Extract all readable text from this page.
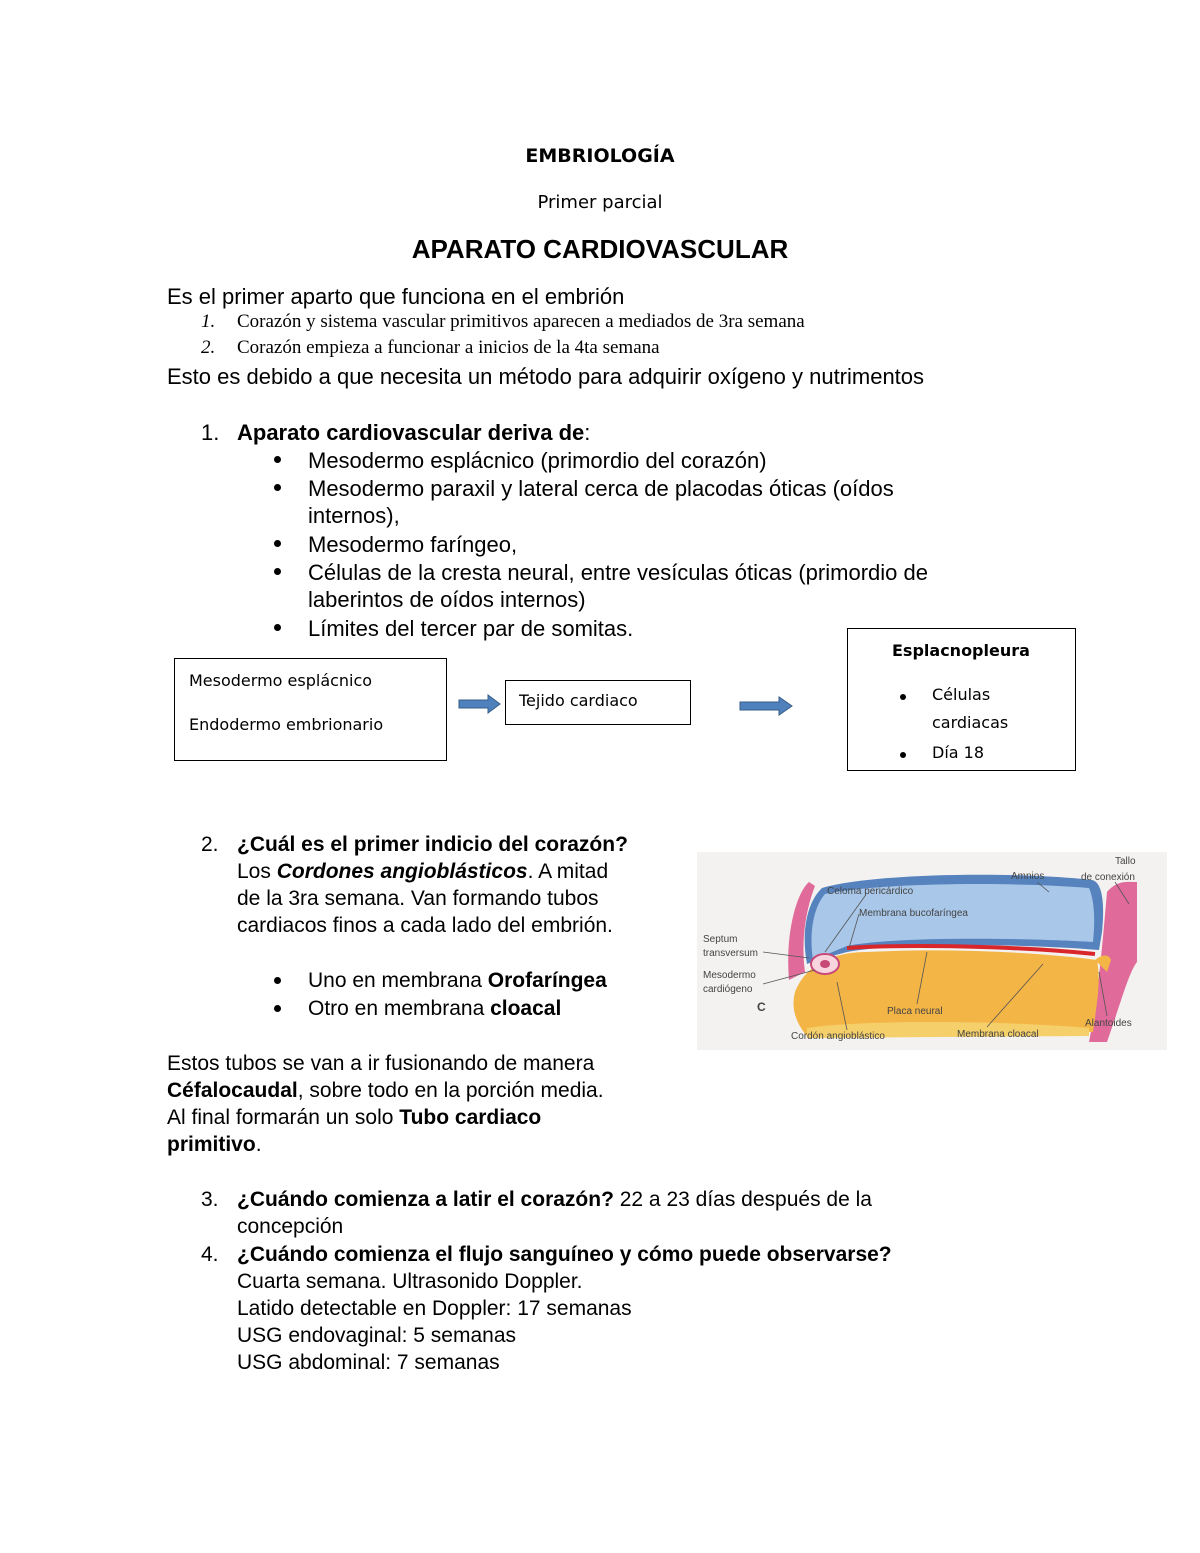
EMBRIOLOGÍA
Primer parcial
APARATO CARDIOVASCULAR
Es el primer aparto que funciona en el embrión
1. Corazón y sistema vascular primitivos aparecen a mediados de 3ra semana
2. Corazón empieza a funcionar a inicios de la 4ta semana
Esto es debido a que necesita un método para adquirir oxígeno y nutrimentos
1. Aparato cardiovascular deriva de:
Mesodermo esplácnico (primordio del corazón)
Mesodermo paraxil y lateral cerca de placodas óticas (oídos
internos),
Mesodermo faríngeo,
Células de la cresta neural, entre vesículas óticas (primordio de
laberintos de oídos internos)
Límites del tercer par de somitas.
Mesodermo esplácnico
Endodermo embrionario
Tejido cardiaco
Esplacnopleura
Células
cardiacas
Día 18
2. ¿Cuál es el primer indicio del corazón?
Los Cordones angioblásticos. A mitad
de la 3ra semana. Van formando tubos
cardiacos finos a cada lado del embrión.
Uno en membrana Orofaríngea
Otro en membrana cloacal
Estos tubos se van a ir fusionando de manera
Céfalocaudal, sobre todo en la porción media.
Al final formarán un solo Tubo cardiaco
primitivo.
Tallo
de conexión
Amnios
Celoma pericárdico
Membrana bucofaríngea
Septum
transversum
Mesodermo
cardiógeno
C	Placa neural
Alantoides
Cordón angioblástico	Membrana cloacal
3. ¿Cuándo comienza a latir el corazón? 22 a 23 días después de la
concepción
4. ¿Cuándo comienza el flujo sanguíneo y cómo puede observarse?
Cuarta semana. Ultrasonido Doppler.
Latido detectable en Doppler: 17 semanas
USG endovaginal: 5 semanas
USG abdominal: 7 semanas
